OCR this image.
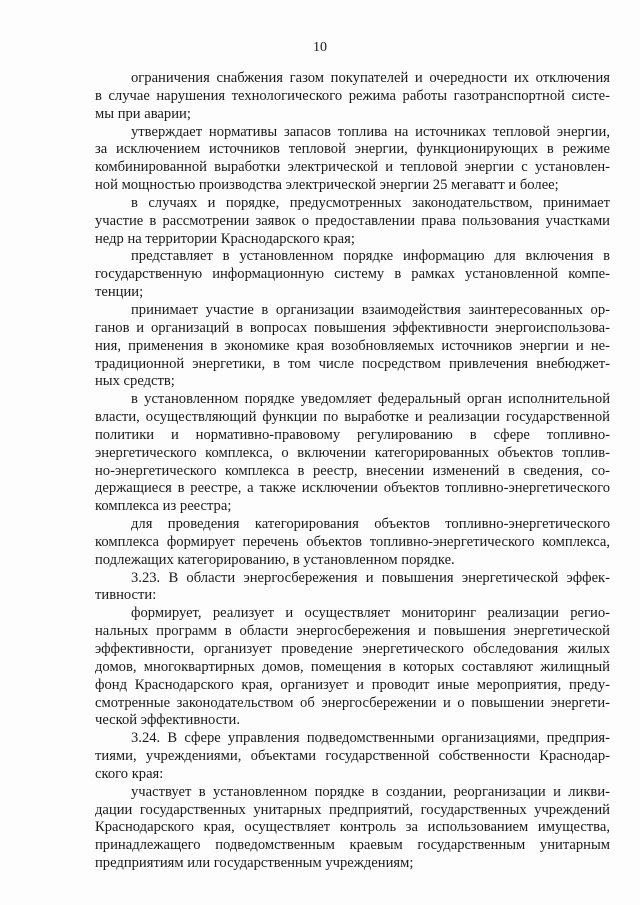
10
ограничения снабжения газом покупателей и очередности их отключения
в случае нарушения технологического режима работы газотранспортной систе-
мы при аварии;
утверждает нормативы запасов топлива на источниках тепловой энергии,
за исключением источников тепловой энергии, функционирующих в режиме
комбинированной выработки электрической и тепловой энергии с установлен-
ной мощностью производства электрической энергии 25 мегаватт и более;
в случаях и порядке, предусмотренных законодательством, принимает
участие в рассмотрении заявок о предоставлении права пользования участками
недр на территории Краснодарского края;
представляет в установленном порядке информацию для включения в
государственную информационную систему в рамках установленной компе-
тенции;
принимает участие в организации взаимодействия заинтересованных ор-
ганов и организаций в вопросах повышения эффективности энергоиспользова-
ния, применения в экономике края возобновляемых источников энергии и не-
традиционной энергетики, в том числе посредством привлечения внебюджет-
ных средств;
в установленном порядке уведомляет федеральный орган исполнительной
власти, осуществляющий функции по выработке и реализации государственной
политики и нормативно-правовому регулированию в сфере топливно-
энергетического комплекса, о включении категорированных объектов топлив-
но-энергетического комплекса в реестр, внесении изменений в сведения, со-
держащиеся в реестре, а также исключении объектов топливно-энергетического
комплекса из реестра;
для проведения категорирования объектов топливно-энергетического
комплекса формирует перечень объектов топливно-энергетического комплекса,
подлежащих категорированию, в установленном порядке.
3.23. В области энергосбережения и повышения энергетической эффек-
тивности:
формирует, реализует и осуществляет мониторинг реализации регио-
нальных программ в области энергосбережения и повышения энергетической
эффективности, организует проведение энергетического обследования жилых
домов, многоквартирных домов, помещения в которых составляют жилищный
фонд Краснодарского края, организует и проводит иные мероприятия, преду-
смотренные законодательством об энергосбережении и о повышении энергети-
ческой эффективности.
3.24. В сфере управления подведомственными организациями, предприя-
тиями, учреждениями, объектами государственной собственности Краснодар-
ского края:
участвует в установленном порядке в создании, реорганизации и ликви-
дации государственных унитарных предприятий, государственных учреждений
Краснодарского края, осуществляет контроль за использованием имущества,
принадлежащего подведомственным краевым государственным унитарным
предприятиям или государственным учреждениям;
